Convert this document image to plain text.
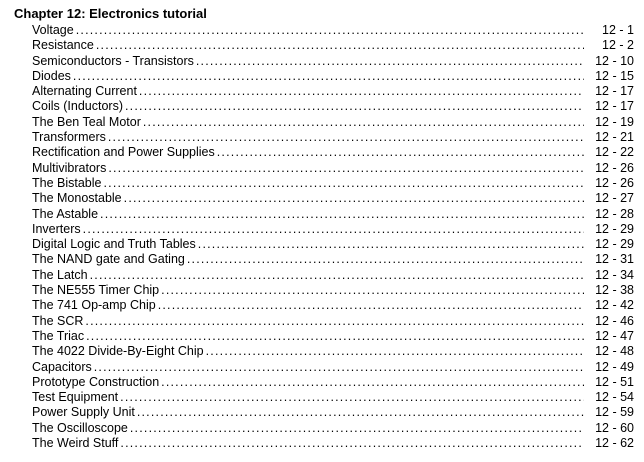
Chapter 12: Electronics tutorial
Voltage .....	12 - 1
Resistance .....	12 - 2
Semiconductors - Transistors .....	12 - 10
Diodes .....	12 - 15
Alternating Current .....	12 - 17
Coils (Inductors) .....	12 - 17
The Ben Teal Motor .....	12 - 19
Transformers .....	12 - 21
Rectification and Power Supplies .....	12 - 22
Multivibrators .....	12 - 26
The Bistable .....	12 - 26
The Monostable .....	12 - 27
The Astable .....	12 - 28
Inverters .....	12 - 29
Digital Logic and Truth Tables .....	12 - 29
The NAND gate and Gating .....	12 - 31
The Latch .....	12 - 34
The NE555 Timer Chip .....	12 - 38
The 741 Op-amp Chip .....	12 - 42
The SCR .....	12 - 46
The Triac .....	12 - 47
The 4022 Divide-By-Eight Chip .....	12 - 48
Capacitors .....	12 - 49
Prototype Construction .....	12 - 51
Test Equipment .....	12 - 54
Power Supply Unit .....	12 - 59
The Oscilloscope .....	12 - 60
The Weird Stuff .....	12 - 62
